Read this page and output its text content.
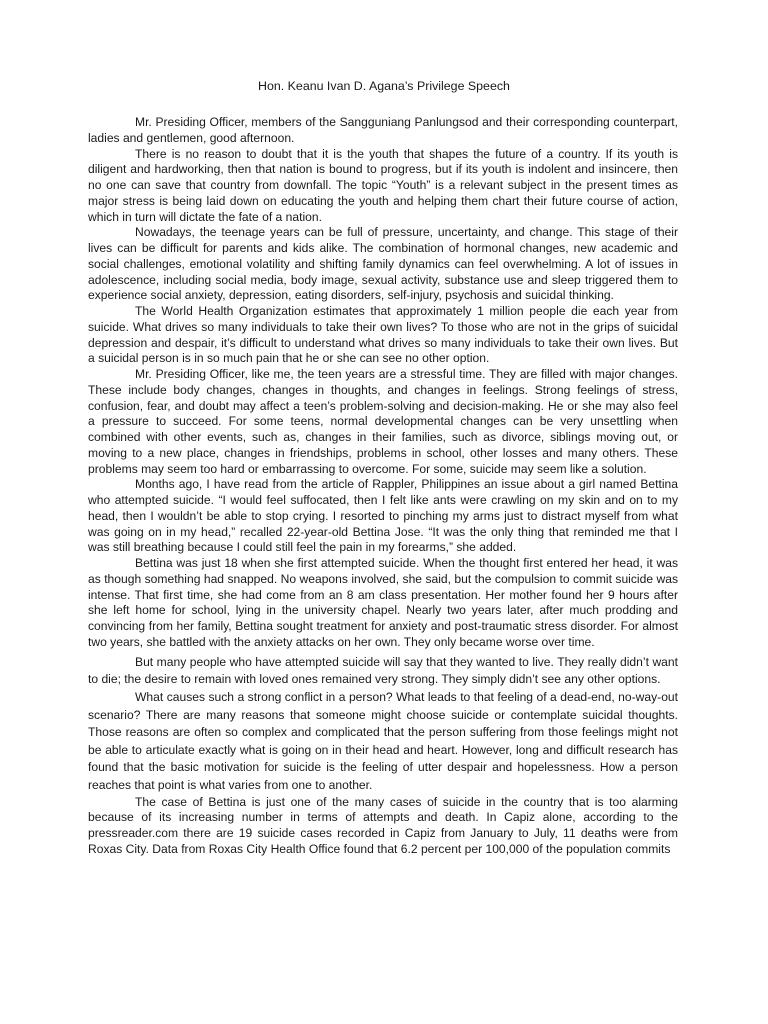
Hon. Keanu Ivan D. Agana’s Privilege Speech

Mr. Presiding Officer, members of the Sangguniang Panlungsod and their corresponding counterpart, ladies and gentlemen, good afternoon.

There is no reason to doubt that it is the youth that shapes the future of a country. If its youth is diligent and hardworking, then that nation is bound to progress, but if its youth is indolent and insincere, then no one can save that country from downfall. The topic “Youth” is a relevant subject in the present times as major stress is being laid down on educating the youth and helping them chart their future course of action, which in turn will dictate the fate of a nation.

Nowadays, the teenage years can be full of pressure, uncertainty, and change. This stage of their lives can be difficult for parents and kids alike. The combination of hormonal changes, new academic and social challenges, emotional volatility and shifting family dynamics can feel overwhelming. A lot of issues in adolescence, including social media, body image, sexual activity, substance use and sleep triggered them to experience social anxiety, depression, eating disorders, self-injury, psychosis and suicidal thinking.

The World Health Organization estimates that approximately 1 million people die each year from suicide. What drives so many individuals to take their own lives? To those who are not in the grips of suicidal depression and despair, it’s difficult to understand what drives so many individuals to take their own lives. But a suicidal person is in so much pain that he or she can see no other option.

Mr. Presiding Officer, like me, the teen years are a stressful time. They are filled with major changes. These include body changes, changes in thoughts, and changes in feelings. Strong feelings of stress, confusion, fear, and doubt may affect a teen’s problem-solving and decision-making. He or she may also feel a pressure to succeed. For some teens, normal developmental changes can be very unsettling when combined with other events, such as, changes in their families, such as divorce, siblings moving out, or moving to a new place, changes in friendships, problems in school, other losses and many others. These problems may seem too hard or embarrassing to overcome. For some, suicide may seem like a solution.

Months ago, I have read from the article of Rappler, Philippines an issue about a girl named Bettina who attempted suicide. “I would feel suffocated, then I felt like ants were crawling on my skin and on to my head, then I wouldn’t be able to stop crying. I resorted to pinching my arms just to distract myself from what was going on in my head,” recalled 22-year-old Bettina Jose. “It was the only thing that reminded me that I was still breathing because I could still feel the pain in my forearms,” she added.

Bettina was just 18 when she first attempted suicide. When the thought first entered her head, it was as though something had snapped. No weapons involved, she said, but the compulsion to commit suicide was intense. That first time, she had come from an 8 am class presentation. Her mother found her 9 hours after she left home for school, lying in the university chapel. Nearly two years later, after much prodding and convincing from her family, Bettina sought treatment for anxiety and post-traumatic stress disorder. For almost two years, she battled with the anxiety attacks on her own. They only became worse over time.

But many people who have attempted suicide will say that they wanted to live. They really didn’t want to die; the desire to remain with loved ones remained very strong. They simply didn’t see any other options.

What causes such a strong conflict in a person? What leads to that feeling of a dead-end, no-way-out scenario? There are many reasons that someone might choose suicide or contemplate suicidal thoughts. Those reasons are often so complex and complicated that the person suffering from those feelings might not be able to articulate exactly what is going on in their head and heart. However, long and difficult research has found that the basic motivation for suicide is the feeling of utter despair and hopelessness. How a person reaches that point is what varies from one to another.

The case of Bettina is just one of the many cases of suicide in the country that is too alarming because of its increasing number in terms of attempts and death. In Capiz alone, according to the pressreader.com there are 19 suicide cases recorded in Capiz from January to July, 11 deaths were from Roxas City. Data from Roxas City Health Office found that 6.2 percent per 100,000 of the population commits
